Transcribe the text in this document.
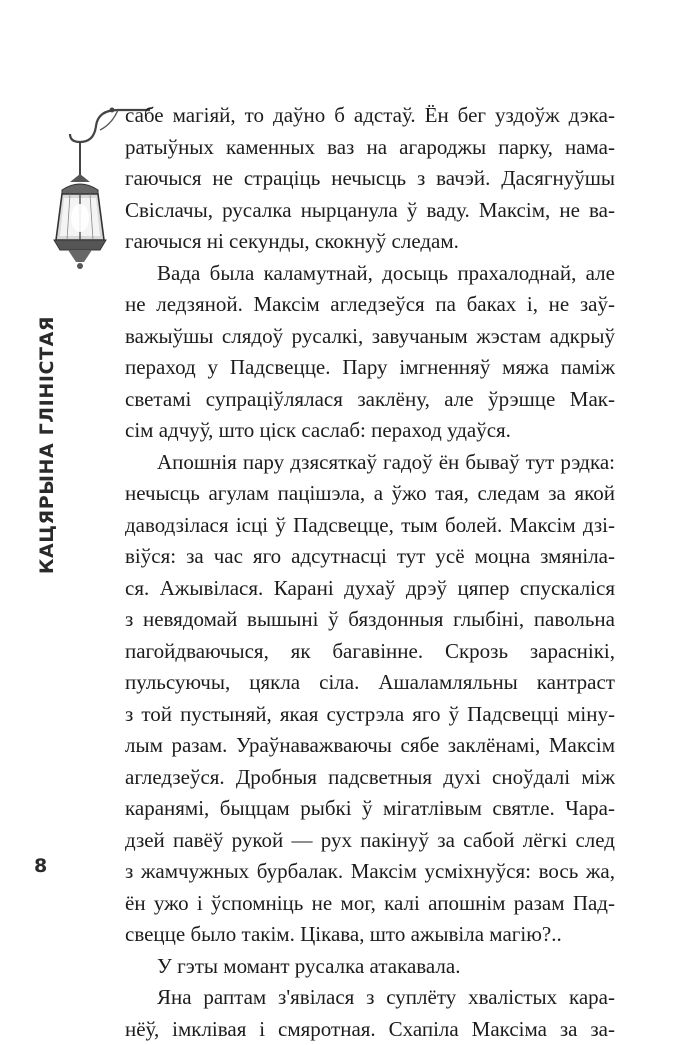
КАЦЯРЫНА ГЛІНІСТАЯ
сабе магіяй, то даўно б адстаў. Ён бег уздоўж дэка-
ратыўных каменных ваз на агароджы парку, нама-
гаючыся не страціць нечысць з вачэй. Дасягнуўшы
Свіслачы, русалка нырцанула ў ваду. Максім, не ва-
гаючыся ні секунды, скокнуў следам.
Вада была каламутнай, досыць прахалоднай, але
не ледзяной. Максім агледзеўся па баках і, не заў-
важыўшы слядоў русалкі, завучаным жэстам адкрыў
пераход у Падсвецце. Пару імгненняў мяжа паміж
светамі супраціўлялася заклёну, але ўрэшце Мак-
сім адчуў, што ціск саслаб: пераход удаўся.
Апошнія пару дзясяткаў гадоў ён бываў тут рэдка:
нечысць агулам пацішэла, а ўжо тая, следам за якой
даводзілася ісці ў Падсвецце, тым болей. Максім дзі-
віўся: за час яго адсутнасці тут усё моцна змяніла-
ся. Ажывілася. Карані духаў дрэў цяпер спускаліся
з невядомай вышыні ў бяздонныя глыбіні, павольна
пагойдваючыся, як багавінне. Скрозь зараснікі,
пульсуючы, цякла сіла. Ашаламляльны кантраст
з той пустыняй, якая сустрэла яго ў Падсвецці міну-
лым разам. Ураўнаважваючы сябе заклёнамі, Максім
агледзеўся. Дробныя падсветныя духі сноўдалі між
каранямі, быццам рыбкі ў мігатлівым святле. Чара-
дзей павёў рукой — рух пакінуў за сабой лёгкі след
з жамчужных бурбалак. Максім усміхнуўся: вось жа,
ён ужо і ўспомніць не мог, калі апошнім разам Пад-
свецце было такім. Цікава, што ажывіла магію?..
У гэты момант русалка атакавала.
Яна раптам з'явілася з суплёту хвалістых кара-
нёў, імклівая і смяротная. Схапіла Максіма за за-
8
